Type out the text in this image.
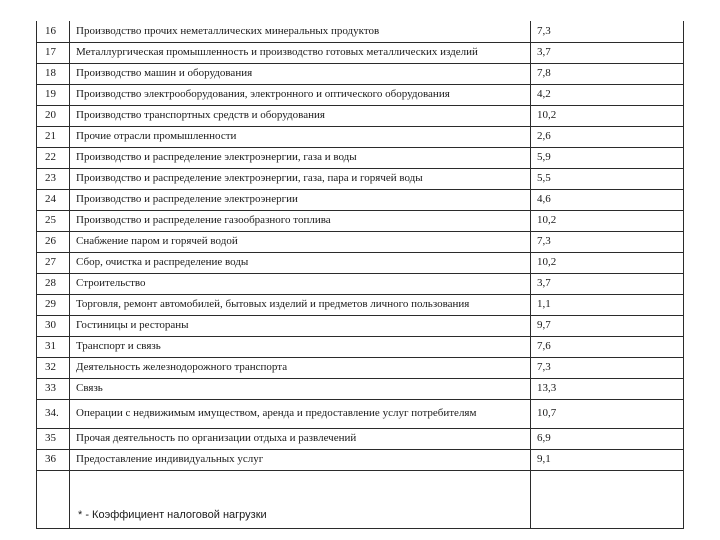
16	Производство прочих неметаллических минеральных продуктов	7,3
17	Металлургическая промышленность и производство готовых металлических изделий	3,7
18	Производство машин и оборудования	7,8
19	Производство электрооборудования, электронного и оптического оборудования	4,2
20	Производство транспортных средств и оборудования	10,2
21	Прочие отрасли промышленности	2,6
22	Производство и распределение электроэнергии, газа и воды	5,9
23	Производство и распределение электроэнергии, газа, пара и горячей воды	5,5
24	Производство и распределение электроэнергии	4,6
25	Производство и распределение газообразного топлива	10,2
26	Снабжение паром и горячей водой	7,3
27	Сбор, очистка и распределение воды	10,2
28	Строительство	3,7
29	Торговля, ремонт автомобилей, бытовых изделий и предметов личного пользования	1,1
30	Гостиницы и рестораны	9,7
31	Транспорт и связь	7,6
32	Деятельность железнодорожного транспорта	7,3
33	Связь	13,3
34.	Операции с недвижимым имуществом, аренда и предоставление услуг потребителям	10,7
35	Прочая деятельность по организации отдыха и развлечений	6,9
36	Предоставление индивидуальных услуг	9,1
	* - Коэффициент налоговой нагрузки	
